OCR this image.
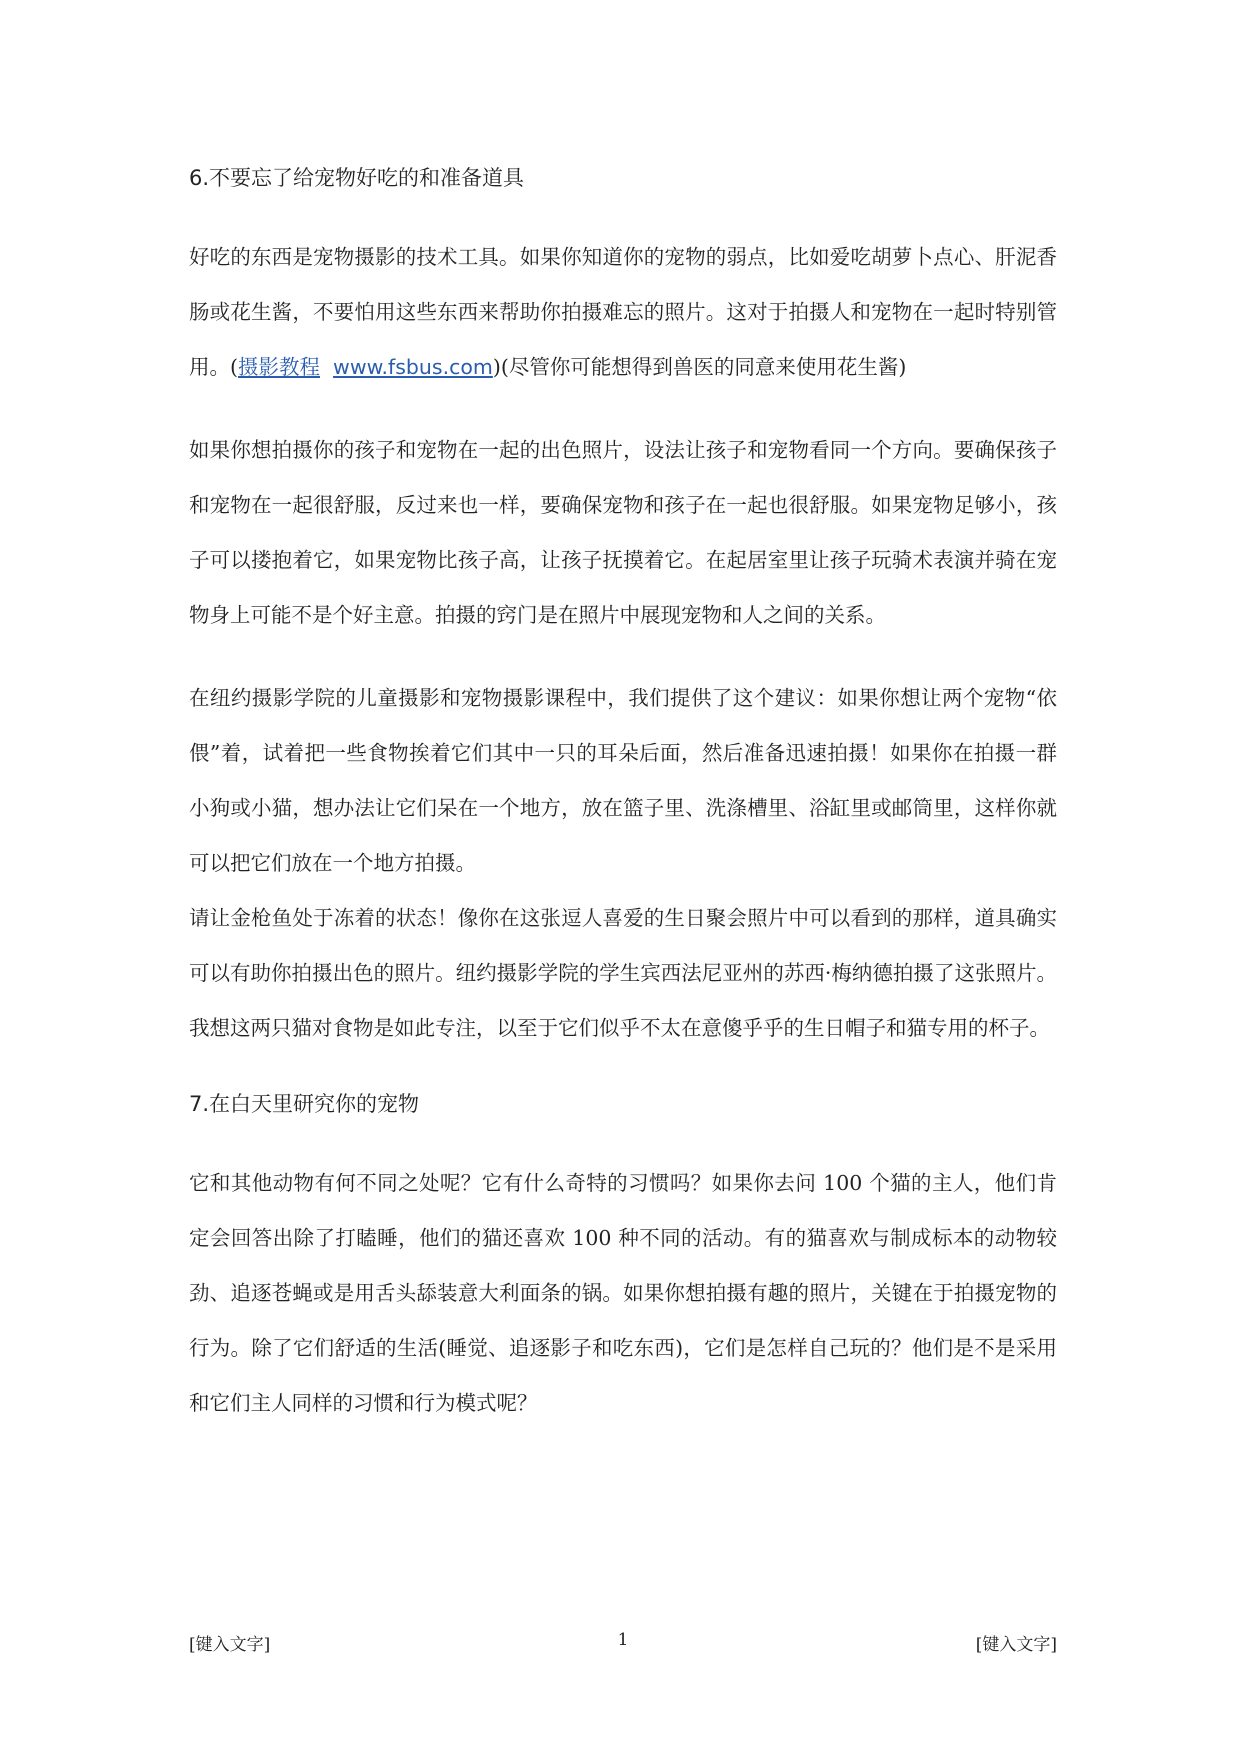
6.不要忘了给宠物好吃的和准备道具

好吃的东西是宠物摄影的技术工具。如果你知道你的宠物的弱点，比如爱吃胡萝卜点心、肝泥香肠或花生酱，不要怕用这些东西来帮助你拍摄难忘的照片。这对于拍摄人和宠物在一起时特别管用。(摄影教程 www.fsbus.com)(尽管你可能想得到兽医的同意来使用花生酱)

如果你想拍摄你的孩子和宠物在一起的出色照片，设法让孩子和宠物看同一个方向。要确保孩子和宠物在一起很舒服，反过来也一样，要确保宠物和孩子在一起也很舒服。如果宠物足够小，孩子可以搂抱着它，如果宠物比孩子高，让孩子抚摸着它。在起居室里让孩子玩骑术表演并骑在宠物身上可能不是个好主意。拍摄的窍门是在照片中展现宠物和人之间的关系。

在纽约摄影学院的儿童摄影和宠物摄影课程中，我们提供了这个建议：如果你想让两个宠物“依偎”着，试着把一些食物挨着它们其中一只的耳朵后面，然后准备迅速拍摄！如果你在拍摄一群小狗或小猫，想办法让它们呆在一个地方，放在篮子里、洗涤槽里、浴缸里或邮筒里，这样你就可以把它们放在一个地方拍摄。

请让金枪鱼处于冻着的状态！像你在这张逗人喜爱的生日聚会照片中可以看到的那样，道具确实可以有助你拍摄出色的照片。纽约摄影学院的学生宾西法尼亚州的苏西·梅纳德拍摄了这张照片。我想这两只猫对食物是如此专注，以至于它们似乎不太在意傻乎乎的生日帽子和猫专用的杯子。

7.在白天里研究你的宠物

它和其他动物有何不同之处呢？它有什么奇特的习惯吗？如果你去问 100 个猫的主人，他们肯定会回答出除了打瞌睡，他们的猫还喜欢 100 种不同的活动。有的猫喜欢与制成标本的动物较劲、追逐苍蝇或是用舌头舔装意大利面条的锅。如果你想拍摄有趣的照片，关键在于拍摄宠物的行为。除了它们舒适的生活(睡觉、追逐影子和吃东西)，它们是怎样自己玩的？他们是不是采用和它们主人同样的习惯和行为模式呢？

[键入文字]	1	[键入文字]
